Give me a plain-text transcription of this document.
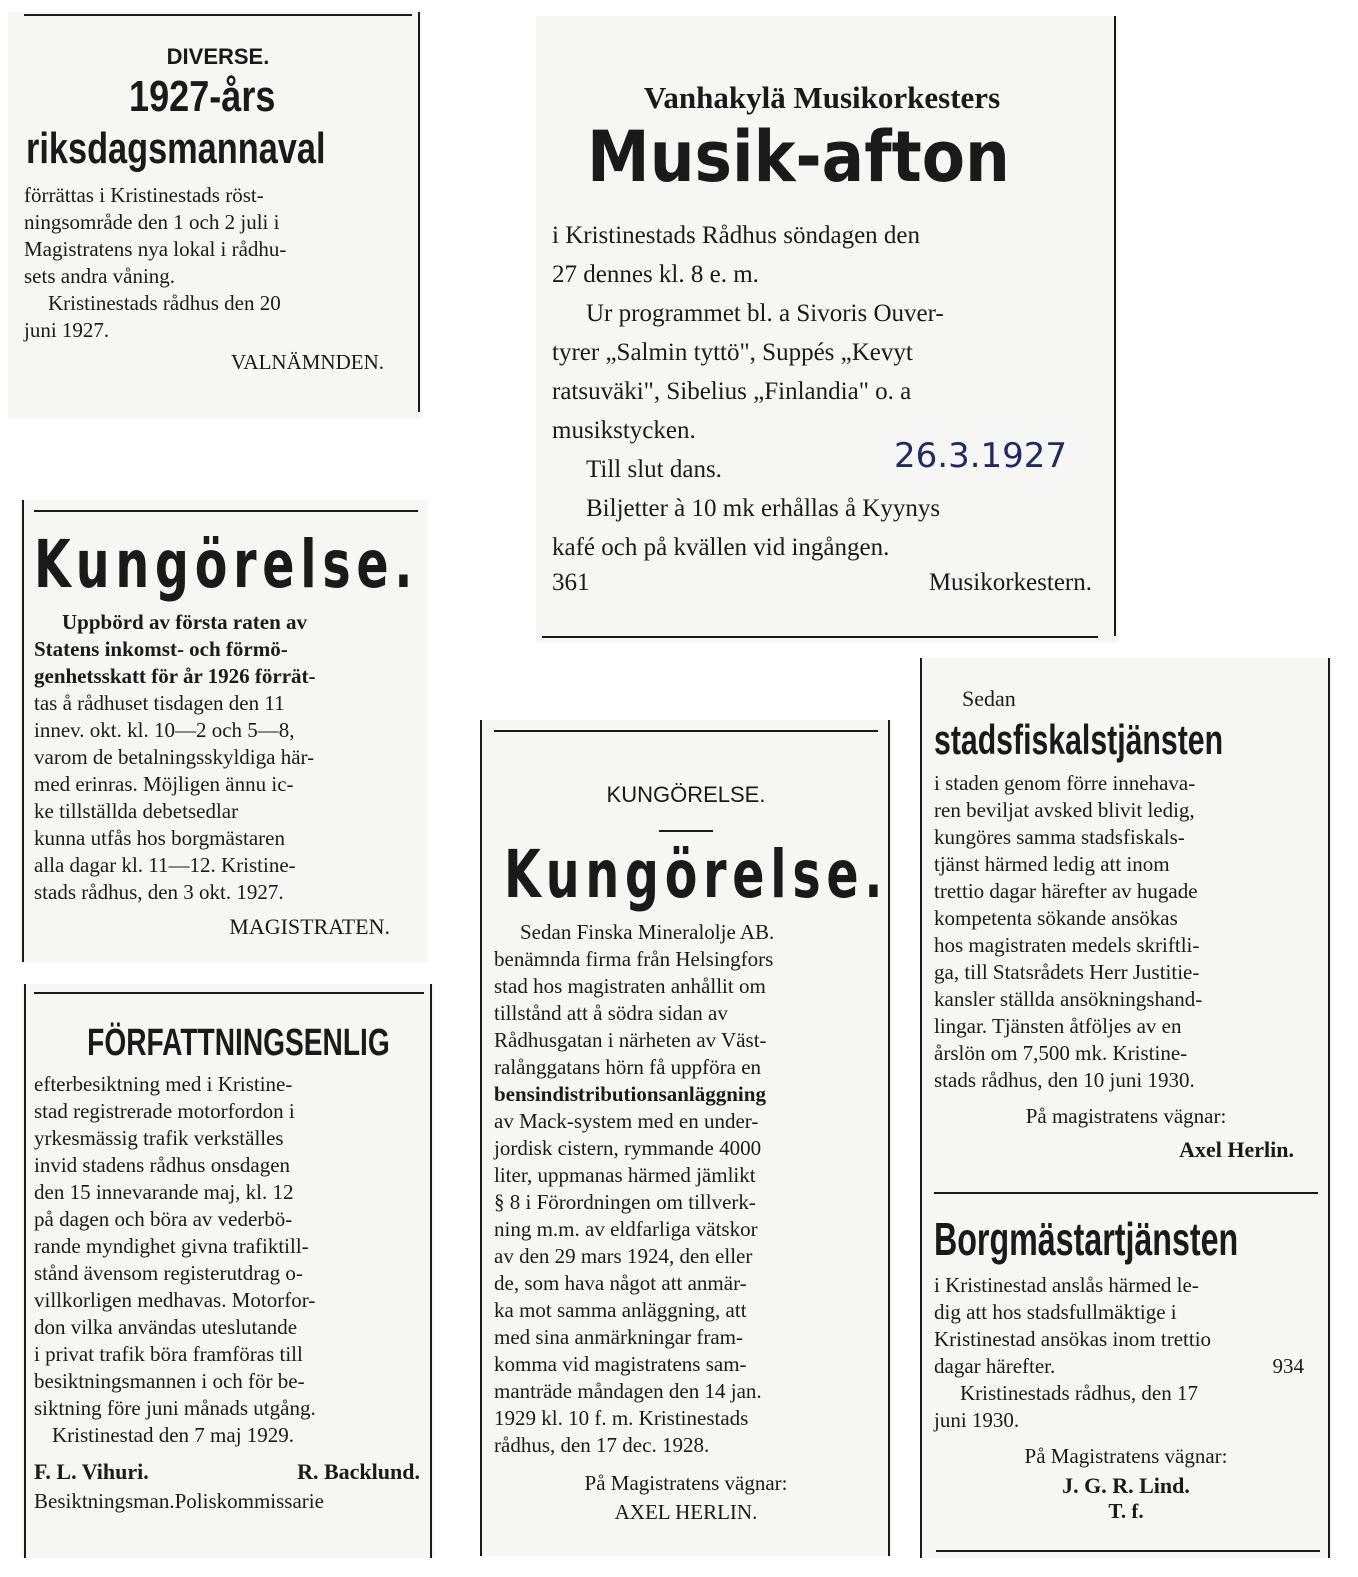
DIVERSE.
1927-års
riksdagsmannaval
förrättas i Kristinestads röst-
ningsområde den 1 och 2 juli i
Magistratens nya lokal i rådhu-
sets andra våning.
Kristinestads rådhus den 20
juni 1927.
VALNÄMNDEN.
Vanhakylä Musikorkesters
Musik-afton
i Kristinestads Rådhus söndagen den
27 dennes kl. 8 e. m.
Ur programmet bl. a Sivoris Ouver-
tyrer „Salmin tyttö", Suppés „Kevyt
ratsuväki", Sibelius „Finlandia" o. a
musikstycken.
Till slut dans.
Biljetter à 10 mk erhållas å Kyynys
kafé och på kvällen vid ingången.
361	Musikorkestern.
26.3.1927
Kungörelse.
Uppbörd av första raten av
Statens inkomst- och förmö-
genhetsskatt för år 1926 förrät-
tas å rådhuset tisdagen den 11
innev. okt. kl. 10—2 och 5—8,
varom de betalningsskyldiga här-
med erinras. Möjligen ännu ic-
ke tillställda debetsedlar
kunna utfås hos borgmästaren
alla dagar kl. 11—12. Kristine-
stads rådhus, den 3 okt. 1927.
MAGISTRATEN.
KUNGÖRELSE.
Kungörelse.
Sedan Finska Mineralolje AB.
benämnda firma från Helsingfors
stad hos magistraten anhållit om
tillstånd att å södra sidan av
Rådhusgatan i närheten av Väst-
ralånggatans hörn få uppföra en
bensindistributionsanläggning
av Mack-system med en under-
jordisk cistern, rymmande 4000
liter, uppmanas härmed jämlikt
§ 8 i Förordningen om tillverk-
ning m.m. av eldfarliga vätskor
av den 29 mars 1924, den eller
de, som hava något att anmär-
ka mot samma anläggning, att
med sina anmärkningar fram-
komma vid magistratens sam-
manträde måndagen den 14 jan.
1929 kl. 10 f. m. Kristinestads
rådhus, den 17 dec. 1928.
På Magistratens vägnar:
AXEL HERLIN.
FÖRFATTNINGSENLIG
efterbesiktning med i Kristine-
stad registrerade motorfordon i
yrkesmässig trafik verkställes
invid stadens rådhus onsdagen
den 15 innevarande maj, kl. 12
på dagen och böra av vederbö-
rande myndighet givna trafiktill-
stånd ävensom registerutdrag o-
villkorligen medhavas. Motorfor-
don vilka användas uteslutande
i privat trafik böra framföras till
besiktningsmannen i och för be-
siktning före juni månads utgång.
Kristinestad den 7 maj 1929.
F. L. Vihuri.	R. Backlund.
Besiktningsman. Poliskommissarie
Sedan
stadsfiskalstjänsten
i staden genom förre innehava-
ren beviljat avsked blivit ledig,
kungöres samma stadsfiskals-
tjänst härmed ledig att inom
trettio dagar härefter av hugade
kompetenta sökande ansökas
hos magistraten medels skriftli-
ga, till Statsrådets Herr Justitie-
kansler ställda ansökningshand-
lingar. Tjänsten åtföljes av en
årslön om 7,500 mk. Kristine-
stads rådhus, den 10 juni 1930.
På magistratens vägnar:
Axel Herlin.
Borgmästartjänsten
i Kristinestad anslås härmed le-
dig att hos stadsfullmäktige i
Kristinestad ansökas inom trettio
dagar härefter.	934
Kristinestads rådhus, den 17
juni 1930.
På Magistratens vägnar:
J. G. R. Lind.
T. f.
